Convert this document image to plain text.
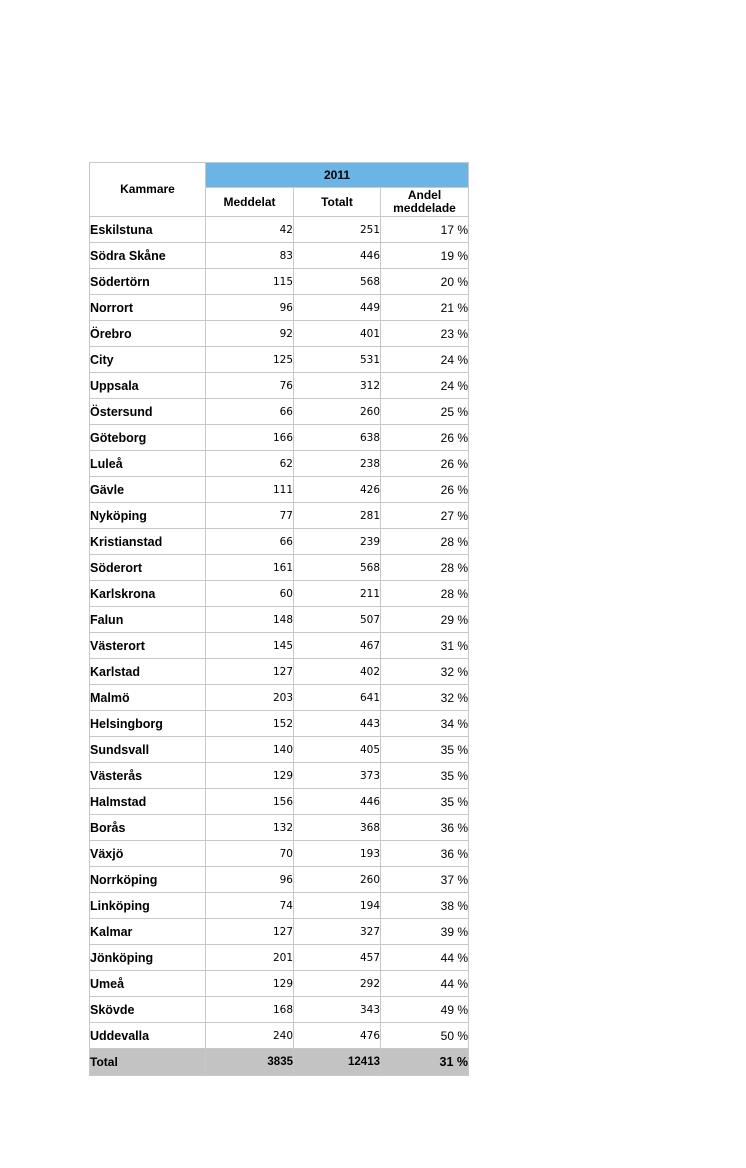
Kammare	2011		
	Meddelat	Totalt	Andel meddelade
Eskilstuna	42	251	17 %
Södra Skåne	83	446	19 %
Södertörn	115	568	20 %
Norrort	96	449	21 %
Örebro	92	401	23 %
City	125	531	24 %
Uppsala	76	312	24 %
Östersund	66	260	25 %
Göteborg	166	638	26 %
Luleå	62	238	26 %
Gävle	111	426	26 %
Nyköping	77	281	27 %
Kristianstad	66	239	28 %
Söderort	161	568	28 %
Karlskrona	60	211	28 %
Falun	148	507	29 %
Västerort	145	467	31 %
Karlstad	127	402	32 %
Malmö	203	641	32 %
Helsingborg	152	443	34 %
Sundsvall	140	405	35 %
Västerås	129	373	35 %
Halmstad	156	446	35 %
Borås	132	368	36 %
Växjö	70	193	36 %
Norrköping	96	260	37 %
Linköping	74	194	38 %
Kalmar	127	327	39 %
Jönköping	201	457	44 %
Umeå	129	292	44 %
Skövde	168	343	49 %
Uddevalla	240	476	50 %
Total	3835	12413	31 %
